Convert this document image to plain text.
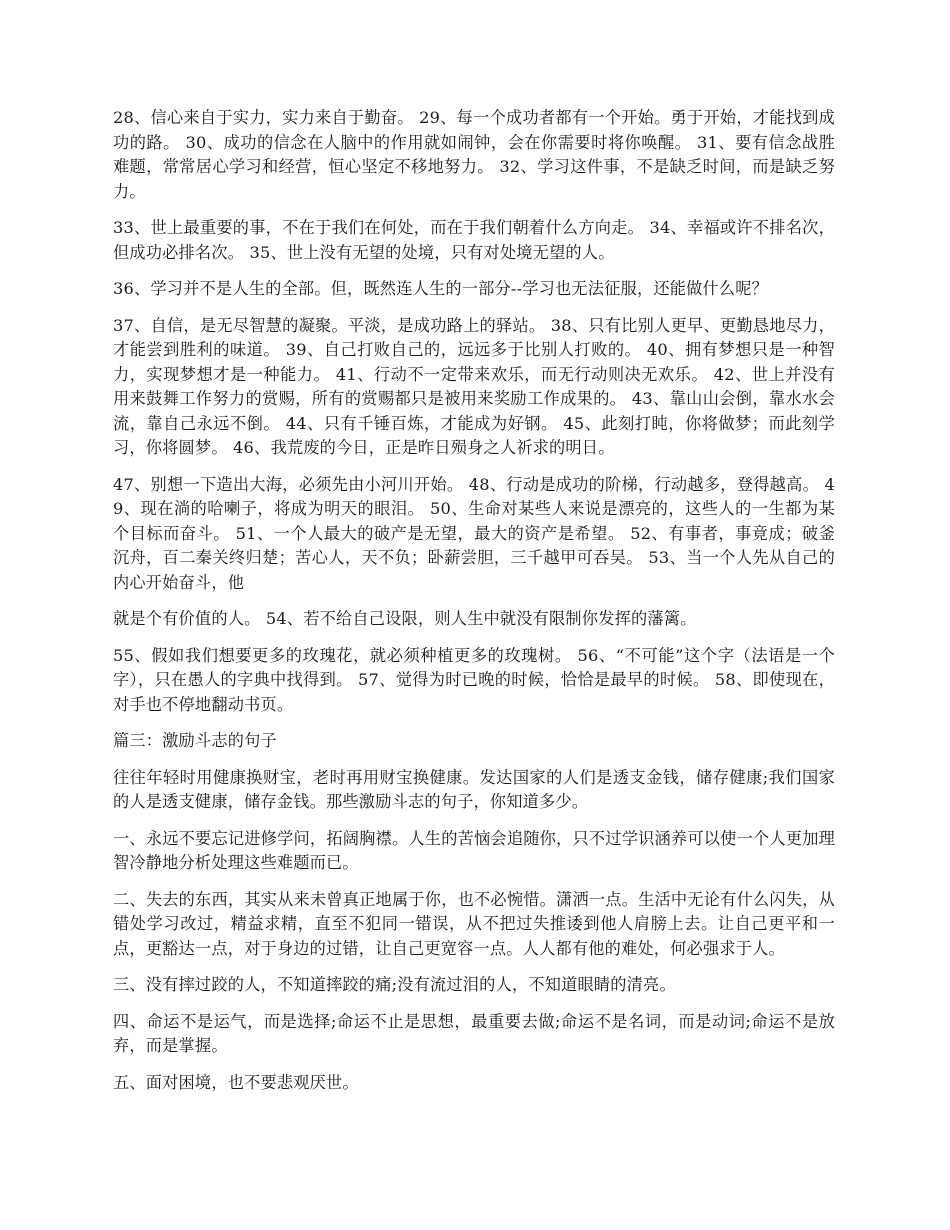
28、信心来自于实力，实力来自于勤奋。 29、每一个成功者都有一个开始。勇于开始，才能找到成功的路。 30、成功的信念在人脑中的作用就如闹钟，会在你需要时将你唤醒。 31、要有信念战胜难题，常常居心学习和经营，恒心坚定不移地努力。 32、学习这件事，不是缺乏时间，而是缺乏努力。

33、世上最重要的事，不在于我们在何处，而在于我们朝着什么方向走。 34、幸福或许不排名次，但成功必排名次。 35、世上没有无望的处境，只有对处境无望的人。

36、学习并不是人生的全部。但，既然连人生的一部分--学习也无法征服，还能做什么呢？

37、自信，是无尽智慧的凝聚。平淡，是成功路上的驿站。 38、只有比别人更早、更勤恳地尽力，才能尝到胜利的味道。 39、自己打败自己的，远远多于比别人打败的。 40、拥有梦想只是一种智力，实现梦想才是一种能力。 41、行动不一定带来欢乐，而无行动则决无欢乐。 42、世上并没有用来鼓舞工作努力的赏赐，所有的赏赐都只是被用来奖励工作成果的。 43、靠山山会倒，靠水水会流，靠自己永远不倒。 44、只有千锤百炼，才能成为好钢。 45、此刻打盹，你将做梦；而此刻学习，你将圆梦。 46、我荒废的今日，正是昨日殒身之人祈求的明日。

47、别想一下造出大海，必须先由小河川开始。 48、行动是成功的阶梯，行动越多，登得越高。 49、现在淌的哈喇子，将成为明天的眼泪。 50、生命对某些人来说是漂亮的，这些人的一生都为某个目标而奋斗。 51、一个人最大的破产是无望，最大的资产是希望。 52、有事者，事竟成；破釜沉舟，百二秦关终归楚；苦心人，天不负；卧薪尝胆，三千越甲可吞吴。 53、当一个人先从自己的内心开始奋斗，他

就是个有价值的人。 54、若不给自己设限，则人生中就没有限制你发挥的藩篱。

55、假如我们想要更多的玫瑰花，就必须种植更多的玫瑰树。 56、“不可能”这个字（法语是一个字），只在愚人的字典中找得到。 57、觉得为时已晚的时候，恰恰是最早的时候。 58、即使现在，对手也不停地翻动书页。

篇三：激励斗志的句子

往往年轻时用健康换财宝，老时再用财宝换健康。发达国家的人们是透支金钱，储存健康;我们国家的人是透支健康，储存金钱。那些激励斗志的句子，你知道多少。

一、永远不要忘记进修学问，拓阔胸襟。人生的苦恼会追随你，只不过学识涵养可以使一个人更加理智冷静地分析处理这些难题而已。

二、失去的东西，其实从来未曾真正地属于你，也不必惋惜。潇洒一点。生活中无论有什么闪失，从错处学习改过，精益求精，直至不犯同一错误，从不把过失推诿到他人肩膀上去。让自己更平和一点，更豁达一点，对于身边的过错，让自己更宽容一点。人人都有他的难处，何必强求于人。

三、没有摔过跤的人，不知道摔跤的痛;没有流过泪的人，不知道眼睛的清亮。

四、命运不是运气，而是选择;命运不止是思想，最重要去做;命运不是名词，而是动词;命运不是放弃，而是掌握。

五、面对困境，也不要悲观厌世。
